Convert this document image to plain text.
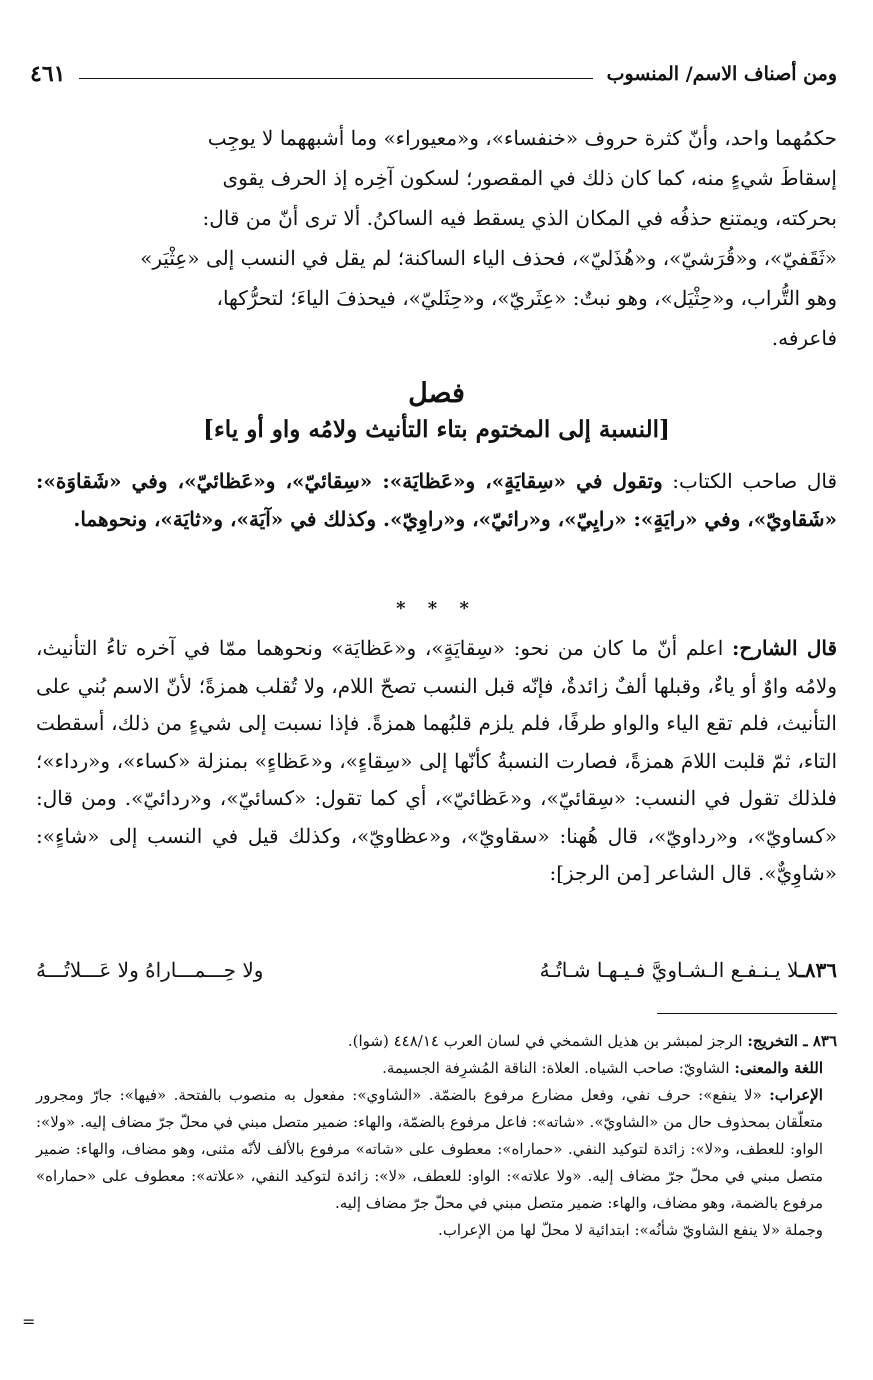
ومن أصناف الاسم/ المنسوب
٤٦١

حكمُهما واحد، وأنّ كثرة حروف «خنفساء»، و«معيوراء» وما أشبههما لا يوجِب

إسقاطَ شيءٍ منه، كما كان ذلك في المقصور؛ لسكون آخِره إذ الحرف يقوى

بحركته، ويمتنع حذفُه في المكان الذي يسقط فيه الساكنُ. ألا ترى أنّ من قال:

«ثَقَفيّ»، و«قُرَشيّ»، و«هُذَليّ»، فحذف الياء الساكنة؛ لم يقل في النسب إلى «عِثْيَر»

وهو التُّراب، و«حِثْيَل»، وهو نبتٌ: «عِثَريّ»، و«حِثَليّ»، فيحذفَ الياءَ؛ لتحرُّكها،

فاعرفه.

فصل
[النسبة إلى المختوم بتاء التأنيث ولامُه واو أو ياء]

قال صاحب الكتاب: وتقول في «سِقايَةٍ»، و«عَظايَة»: «سِقائيّ»، و«عَظائيّ»، وفي «شَقاوَة»: «شَقاويّ»، وفي «رايَةٍ»: «رايِيّ»، و«رائيّ»، و«راوِيّ». وكذلك في «آيَة»، و«ثايَة»، ونحوهما.

* * *

قال الشارح: اعلم أنّ ما كان من نحو: «سِقايَةٍ»، و«عَظايَة» ونحوهما ممّا في آخره تاءُ التأنيث، ولامُه واوٌ أو ياءٌ، وقبلها ألفٌ زائدةٌ، فإنّه قبل النسب تصحّ اللام، ولا تُقلب همزةً؛ لأنّ الاسم بُني على التأنيث، فلم تقع الياء والواو طرفًا، فلم يلزم قلبُهما همزةً. فإذا نسبت إلى شيءٍ من ذلك، أسقطت التاء، ثمّ قلبت اللامَ همزةً، فصارت النسبةُ كأنّها إلى «سِقاءٍ»، و«عَظاءٍ» بمنزلة «كساء»، و«رداء»؛ فلذلك تقول في النسب: «سِقائيّ»، و«عَظائيّ»، أي كما تقول: «كسائيّ»، و«ردائيّ». ومن قال: «كساويّ»، و«رداويّ»، قال هُهنا: «سقاويّ»، و«عظاويّ»، وكذلك قيل في النسب إلى «شاءٍ»: «شاوِيٌّ». قال الشاعر [من الرجز]:

٨٣٦ـلا يـنـفـع الـشـاويَّ فـيـهـا شـاتُـهُ
ولا حِـــمـــاراهُ ولا عَـــلاتُـــهُ

٨٣٦ ـ التخريج: الرجز لمبشر بن هذيل الشمخي في لسان العرب ٤٤٨/١٤ (شوا).

اللغة والمعنى: الشاويّ: صاحب الشياه. العلاة: الناقة المُشرِفة الجسيمة.

الإعراب: «لا ينفع»: حرف نفي، وفعل مضارع مرفوع بالضمّة. «الشاوي»: مفعول به منصوب بالفتحة. «فيها»: جارّ ومجرور متعلّقان بمحذوف حال من «الشاويّ». «شاته»: فاعل مرفوع بالضمّة، والهاء: ضمير متصل مبني في محلّ جرّ مضاف إليه. «ولا»: الواو: للعطف، و«لا»: زائدة لتوكيد النفي. «حماراه»: معطوف على «شاته» مرفوع بالألف لأنّه مثنى، وهو مضاف، والهاء: ضمير متصل مبني في محلّ جرّ مضاف إليه. «ولا علاته»: الواو: للعطف، «لا»: زائدة لتوكيد النفي، «علاته»: معطوف على «حماراه» مرفوع بالضمة، وهو مضاف، والهاء: ضمير متصل مبني في محلّ جرّ مضاف إليه.

وجملة «لا ينفع الشاويّ شأنُه»: ابتدائية لا محلّ لها من الإعراب.

=
